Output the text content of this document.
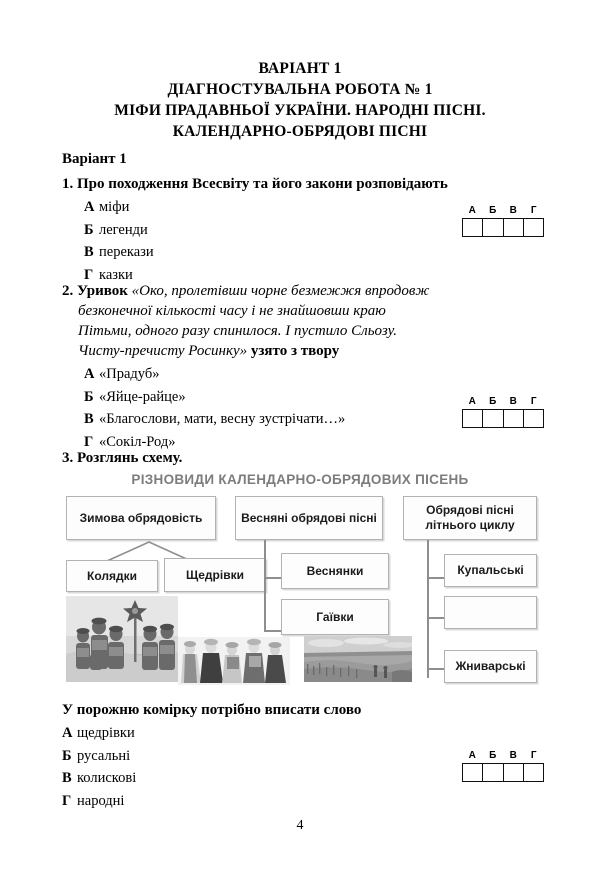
ВАРІАНТ 1
ДІАГНОСТУВАЛЬНА РОБОТА № 1
МІФИ ПРАДАВНЬОЇ УКРАЇНИ. НАРОДНІ ПІСНІ.
КАЛЕНДАРНО-ОБРЯДОВІ ПІСНІ
Варіант 1
1. Про походження Всесвіту та його закони розповідають
А міфи
Б легенди
В перекази
Г казки
А	Б	В	Г
2. Уривок «Око, пролетівши чорне безмежжя впродовж
безконечної кількості часу і не знайшовши краю
Пітьми, одного разу спинилося. І пустило Сльозу.
Чисту-пречисту Росинку» узято з твору
А «Прадуб»
Б «Яйце-райце»
В «Благослови, мати, весну зустрічати…»
Г «Сокіл-Род»
А	Б	В	Г
3. Розглянь схему.
РІЗНОВИДИ КАЛЕНДАРНО-ОБРЯДОВИХ ПІСЕНЬ
Зимова обрядовість
Колядки	Щедрівки
Весняні обрядові пісні
Веснянки
Гаївки
Обрядові пісні літнього циклу
Купальські
Жниварські
У порожню комірку потрібно вписати слово
А щедрівки
Б русальні
В колискові
Г народні
А	Б	В	Г
4
